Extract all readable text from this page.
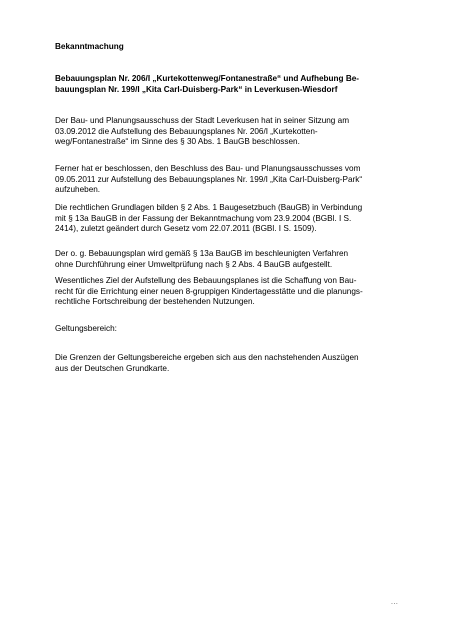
Bekanntmachung
Bebauungsplan Nr. 206/I „Kurtekottenweg/Fontanestraße“ und Aufhebung Be-
bauungsplan Nr. 199/I „Kita Carl-Duisberg-Park“ in Leverkusen-Wiesdorf
Der Bau- und Planungsausschuss der Stadt Leverkusen hat in seiner Sitzung am
03.09.2012 die Aufstellung des Bebauungsplanes Nr. 206/I „Kurtekotten-
weg/Fontanestraße“ im Sinne des § 30 Abs. 1 BauGB beschlossen.
Ferner hat er beschlossen, den Beschluss des Bau- und Planungsausschusses vom
09.05.2011 zur Aufstellung des Bebauungsplanes Nr. 199/I „Kita Carl-Duisberg-Park“
aufzuheben.
Die rechtlichen Grundlagen bilden § 2 Abs. 1 Baugesetzbuch (BauGB) in Verbindung
mit § 13a BauGB in der Fassung der Bekanntmachung vom 23.9.2004 (BGBl. I S.
2414), zuletzt geändert durch Gesetz vom 22.07.2011 (BGBl. I S. 1509).
Der o. g. Bebauungsplan wird gemäß § 13a BauGB im beschleunigten Verfahren
ohne Durchführung einer Umweltprüfung nach § 2 Abs. 4 BauGB aufgestellt.
Wesentliches Ziel der Aufstellung des Bebauungsplanes ist die Schaffung von Bau-
recht für die Errichtung einer neuen 8-gruppigen Kindertagesstätte und die planungs-
rechtliche Fortschreibung der bestehenden Nutzungen.
Geltungsbereich:
Die Grenzen der Geltungsbereiche ergeben sich aus den nachstehenden Auszügen
aus der Deutschen Grundkarte.
...
